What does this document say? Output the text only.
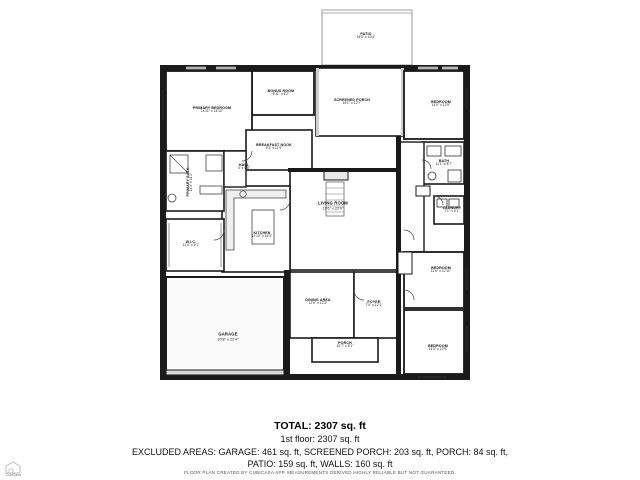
PATIO
15'5" x 10'4"
BONUS ROOM
8'11" x 8'2"
SCREENED PORCH
19'1" x 12'7"
PRIMARY BEDROOM
14'11" x 14'10"
BEDROOM
14'0" x 12'9"
BREAKFAST NOOK
9'3" x 11'9"
BATH
11'1" x 8'7"
HALL
3' x 4'5"
PRIMARY BATH 14'4" x 11'1"
LIVING ROOM
19'6" x 22'0"	LAUNDRY
7'1" x 6'1"
KITCHEN
12'10" x 16'3"
W.I.C.
11'4" x 9'1"
BEDROOM
11'6" x 12'11"
DINING AREA
12'5" x 12'3"	FOYER
7'0" x 12'1"
GARAGE
20'8" x 22'4"
PORCH
10'7" x 5'1"	BEDROOM
14'0" x 12'9"
TOTAL: 2307 sq. ft
1st floor: 2307 sq. ft
EXCLUDED AREAS: GARAGE: 461 sq. ft, SCREENED PORCH: 203 sq. ft, PORCH: 84 sq. ft,
PATIO: 159 sq. ft, WALLS: 160 sq. ft
FLOOR PLAN CREATED BY CUBICASA APP. MEASUREMENTS DERIVED HIGHLY RELIABLE BUT NOT GUARANTEED.
CubiCasa
